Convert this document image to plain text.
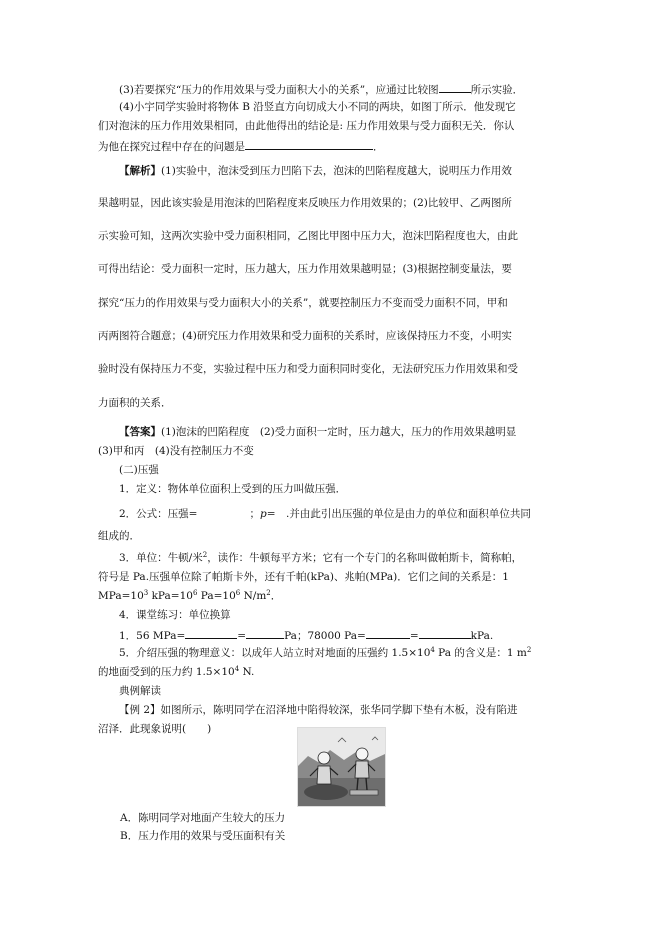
(3)若要探究“压力的作用效果与受力面积大小的关系”，应通过比较图	所示实验．
(4)小宇同学实验时将物体 B 沿竖直方向切成大小不同的两块，如图丁所示．他发现它
们对泡沫的压力作用效果相同，由此他得出的结论是: 压力作用效果与受力面积无关．你认
为他在探究过程中存在的问题是	．
【解析】(1)实验中，泡沫受到压力凹陷下去，泡沫的凹陷程度越大，说明压力作用效
果越明显，因此该实验是用泡沫的凹陷程度来反映压力作用效果的；(2)比较甲、乙两图所
示实验可知，这两次实验中受力面积相同，乙图比甲图中压力大，泡沫凹陷程度也大，由此
可得出结论：受力面积一定时，压力越大，压力作用效果越明显；(3)根据控制变量法，要
探究“压力的作用效果与受力面积大小的关系”，就要控制压力不变而受力面积不同，甲和
丙两图符合题意；(4)研究压力作用效果和受力面积的关系时，应该保持压力不变，小明实
验时没有保持压力不变，实验过程中压力和受力面积同时变化，无法研究压力作用效果和受
力面积的关系．
【答案】(1)泡沫的凹陷程度　(2)受力面积一定时，压力越大，压力的作用效果越明显
(3)甲和丙　(4)没有控制压力不变
(二)压强
1．定义：物体单位面积上受到的压力叫做压强．
2．公式：压强=	；p=　.并由此引出压强的单位是由力的单位和面积单位共同
组成的．
3．单位：牛顿/米$^2$，读作：牛顿每平方米；它有一个专门的名称叫做帕斯卡，简称帕，
符号是 Pa.压强单位除了帕斯卡外，还有千帕(kPa)、兆帕(MPa)．它们之间的关系是：1
$MPa=10^3$ $kPa=10^6$ $Pa=10^6$ $N/m^2$．
4．课堂练习：单位换算
1．56 MPa=	=	Pa；78000 Pa=	=	kPa.
5．介绍压强的物理意义：以成年人站立时对地面的压强约 $1.5\times 10^4$ Pa 的含义是：1 $m^2$
的地面受到的压力约 $1.5\times 10^4$ N.
典例解读
【例 2】如图所示，陈明同学在沼泽地中陷得较深，张华同学脚下垫有木板，没有陷进
沼泽．此现象说明(　　)
A．陈明同学对地面产生较大的压力
B．压力作用的效果与受压面积有关
